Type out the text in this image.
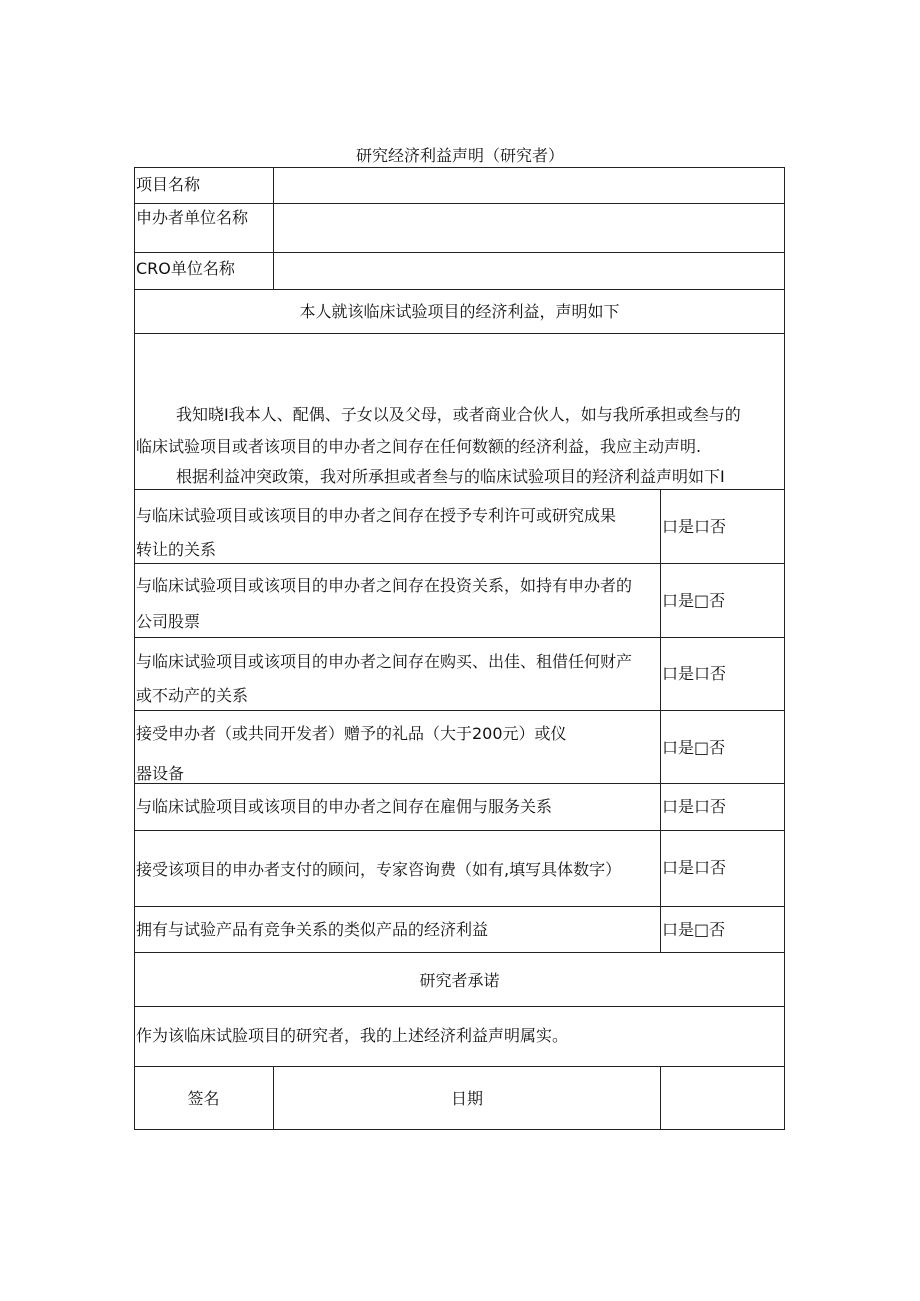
研究经济利益声明（研究者）
项目名称
申办者单位名称
CRO单位名称
本人就该临床试验项目的经济利益，声明如下
我知晓I我本人、配偶、子女以及父母，或者商业合伙人，如与我所承担或叁与的
临床试验项目或者该项目的申办者之间存在任何数额的经济利益，我应主动声明.
根据利益冲突政策，我对所承担或者叁与的临床试验项目的羟济利益声明如下I
与临床试验项目或该项目的申办者之间存在授予专利许可或研究成果
转让的关系
口是口否
与临床试验项目或该项目的申办者之间存在投资关系，如持有申办者的
公司股票
口是□否
与临床试验项目或该项目的申办者之间存在购买、出佳、租借任何财产
或不动产的关系
口是口否
接受申办者（或共同开发者）赠予的礼品（大于200元）或仪
器设备
口是□否
与临床试脸项目或该项目的申办者之间存在雇佣与服务关系	口是口否
接受该项目的申办者支付的顾问，专家咨询费（如有,填写具体数字）	口是口否
拥有与试验产品有竞争关系的类似产品的经济利益	口是□否
研究者承诺
作为该临床试脸项目的研究者，我的上述经济利益声明属实。
签名	日期
